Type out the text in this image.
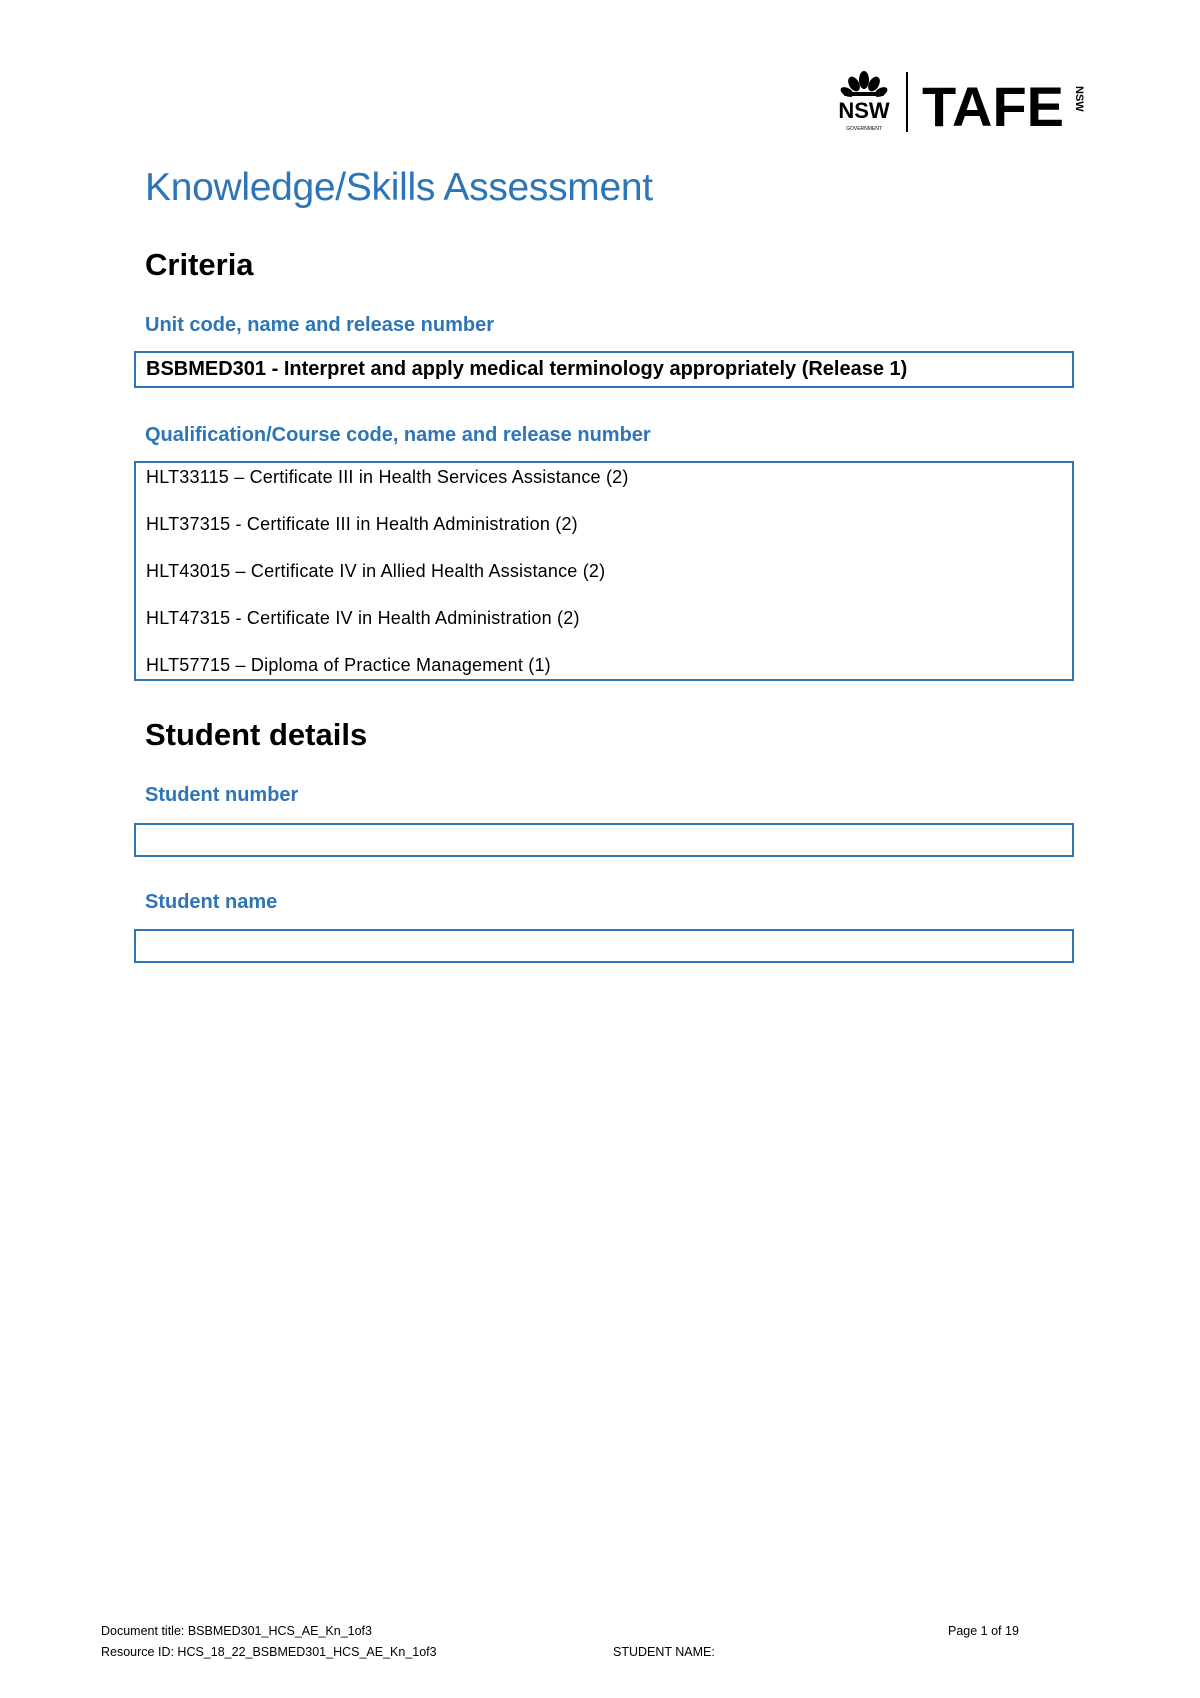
NSW
GOVERNMENT TAFE NSW
Knowledge/Skills Assessment
Criteria
Unit code, name and release number
BSBMED301 - Interpret and apply medical terminology appropriately (Release 1)
Qualification/Course code, name and release number
HLT33115 – Certificate III in Health Services Assistance (2)
HLT37315 - Certificate III in Health Administration (2)
HLT43015 – Certificate IV in Allied Health Assistance (2)
HLT47315 - Certificate IV in Health Administration (2)
HLT57715 – Diploma of Practice Management (1)
Student details
Student number
Student name
Document title: BSBMED301_HCS_AE_Kn_1of3
Resource ID: HCS_18_22_BSBMED301_HCS_AE_Kn_1of3
Page 1 of 19
STUDENT NAME:
